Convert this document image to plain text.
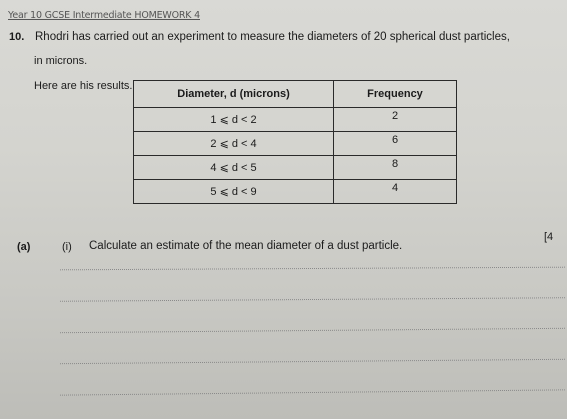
Year 10 GCSE Intermediate HOMEWORK 4
10. Rhodri has carried out an experiment to measure the diameters of 20 spherical dust particles,
in microns.
Here are his results.
Diameter, d (microns)	Frequency
1 ⩽ d < 2	2
2 ⩽ d < 4	6
4 ⩽ d < 5	8
5 ⩽ d < 9	4
(a)	(i) Calculate an estimate of the mean diameter of a dust particle.
[4
